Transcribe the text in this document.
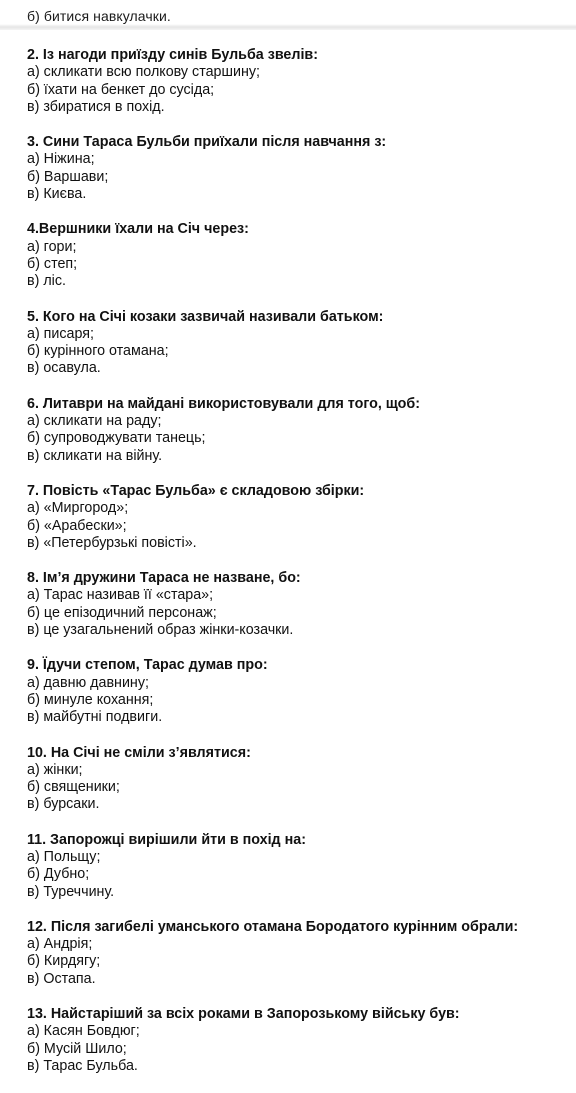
б) битися навкулачки.

2. Із нагоди приїзду синів Бульба звелів:

а) скликати всю полкову старшину;

б) їхати на бенкет до сусіда;

в) збиратися в похід.

3. Сини Тараса Бульби приїхали після навчання з:

а) Ніжина;

б) Варшави;

в) Києва.

4.Вершники їхали на Січ через:

а) гори;

б) степ;

в) ліс.

5. Кого на Січі козаки зазвичай називали батьком:

а) писаря;

б) курінного отамана;

в) осавула.

6. Литаври на майдані використовували для того, щоб:

а) скликати на раду;

б) супроводжувати танець;

в) скликати на війну.

7. Повість «Тарас Бульба» є складовою збірки:

а) «Миргород»;

б) «Арабески»;

в) «Петербурзькі повісті».

8. Ім’я дружини Тараса не назване, бо:

а) Тарас називав її «стара»;

б) це епізодичний персонаж;

в) це узагальнений образ жінки-козачки.

9. Їдучи степом, Тарас думав про:

а) давню давнину;

б) минуле кохання;

в) майбутні подвиги.

10. На Січі не сміли з’являтися:

а) жінки;

б) священики;

в) бурсаки.

11. Запорожці вирішили йти в похід на:

а) Польщу;

б) Дубно;

в) Туреччину.

12. Після загибелі уманського отамана Бородатого курінним обрали:

а) Андрія;

б) Кирдягу;

в) Остапа.

13. Найстаріший за всіх роками в Запорозькому війську був:

а) Касян Бовдюг;

б) Мусій Шило;

в) Тарас Бульба.
